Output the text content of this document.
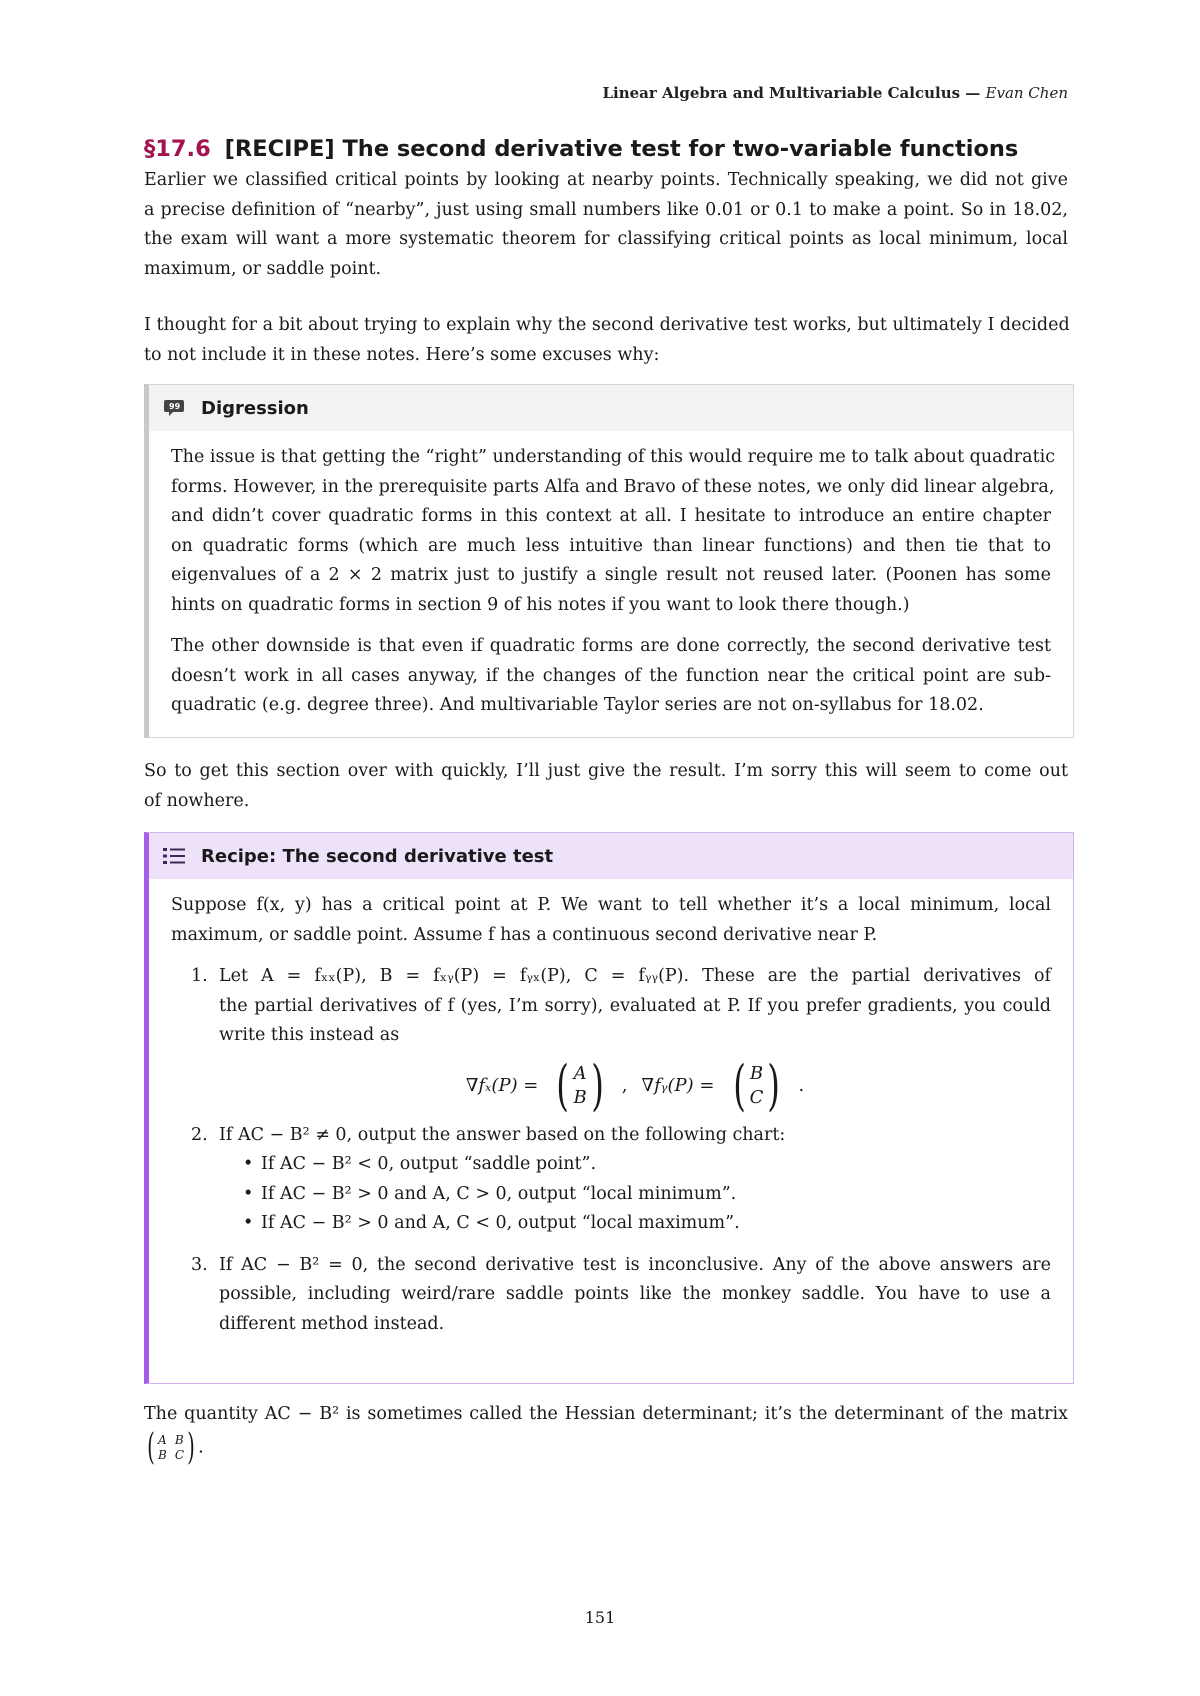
Linear Algebra and Multivariable Calculus — Evan Chen
§17.6 [RECIPE] The second derivative test for two-variable functions
Earlier we classified critical points by looking at nearby points. Technically speaking, we did not give
a precise definition of “nearby”, just using small numbers like 0.01 or 0.1 to make a point. So in 18.02,
the exam will want a more systematic theorem for classifying critical points as local minimum, local
maximum, or saddle point.
I thought for a bit about trying to explain why the second derivative test works, but ultimately I decided
to not include it in these notes. Here’s some excuses why:
99 Digression
The issue is that getting the “right” understanding of this would require me to talk about quadratic
forms. However, in the prerequisite parts Alfa and Bravo of these notes, we only did linear algebra,
and didn’t cover quadratic forms in this context at all. I hesitate to introduce an entire chapter
on quadratic forms (which are much less intuitive than linear functions) and then tie that to
eigenvalues of a 2 × 2 matrix just to justify a single result not reused later. (Poonen has some
hints on quadratic forms in section 9 of his notes if you want to look there though.)
The other downside is that even if quadratic forms are done correctly, the second derivative test
doesn’t work in all cases anyway, if the changes of the function near the critical point are sub-
quadratic (e.g. degree three). And multivariable Taylor series are not on-syllabus for 18.02.
So to get this section over with quickly, I’ll just give the result. I’m sorry this will seem to come out
of nowhere.
Recipe: The second derivative test
Suppose f(x, y) has a critical point at P. We want to tell whether it’s a local minimum, local
maximum, or saddle point. Assume f has a continuous second derivative near P.
1. Let A = fₓₓ(P), B = fₓᵧ(P) = fᵧₓ(P), C = fᵧᵧ(P). These are the partial derivatives of
the partial derivatives of f (yes, I’m sorry), evaluated at P. If you prefer gradients, you could
write this instead as
∇fₓ(P) = ( A
B ) , ∇fᵧ(P) = ( B
C ) .
2. If AC − B² ≠ 0, output the answer based on the following chart:
• If AC − B² < 0, output “saddle point”.
• If AC − B² > 0 and A, C > 0, output “local minimum”.
• If AC − B² > 0 and A, C < 0, output “local maximum”.
3. If AC − B² = 0, the second derivative test is inconclusive. Any of the above answers are
possible, including weird/rare saddle points like the monkey saddle. You have to use a
different method instead.
The quantity AC − B² is sometimes called the Hessian determinant; it’s the determinant of the matrix
( A B
B C ) .
151
